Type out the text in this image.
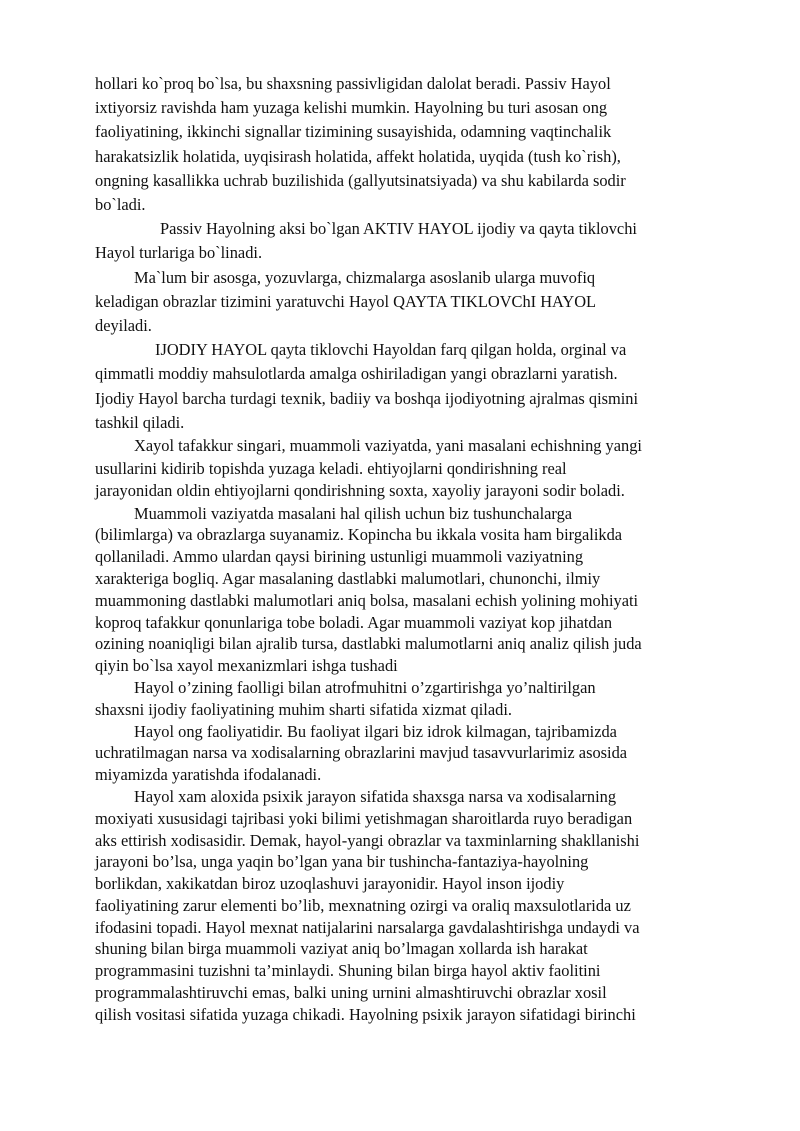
hollari ko`proq bo`lsa, bu shaxsning passivligidan dalolat beradi. Passiv Hayol
ixtiyorsiz ravishda ham yuzaga kelishi mumkin. Hayolning bu turi asosan ong
faoliyatining, ikkinchi signallar tizimining susayishida, odamning vaqtinchalik
harakatsizlik holatida, uyqisirash holatida, affekt holatida, uyqida (tush ko`rish),
ongning kasallikka uchrab buzilishida (gallyutsinatsiyada) va shu kabilarda sodir
bo`ladi.

Passiv Hayolning aksi bo`lgan AKTIV HAYOL ijodiy va qayta tiklovchi
Hayol turlariga bo`linadi.

Ma`lum bir asosga, yozuvlarga, chizmalarga asoslanib ularga muvofiq
keladigan obrazlar tizimini yaratuvchi Hayol QAYTA TIKLOVChI HAYOL
deyiladi.

IJODIY HAYOL qayta tiklovchi Hayoldan farq qilgan holda, orginal va
qimmatli moddiy mahsulotlarda amalga oshiriladigan yangi obrazlarni yaratish.
Ijodiy Hayol barcha turdagi texnik, badiiy va boshqa ijodiyotning ajralmas qismini
tashkil qiladi.

Xayol tafakkur singari, muammoli vaziyatda, yani masalani echishning yangi
usullarini kidirib topishda yuzaga keladi. ehtiyojlarni qondirishning real
jarayonidan oldin ehtiyojlarni qondirishning soxta, xayoliy jarayoni sodir boladi.

Muammoli vaziyatda masalani hal qilish uchun biz tushunchalarga
(bilimlarga) va obrazlarga suyanamiz. Kopincha bu ikkala vosita ham birgalikda
qollaniladi. Ammo ulardan qaysi birining ustunligi muammoli vaziyatning
xarakteriga bogliq. Agar masalaning dastlabki malumotlari, chunonchi, ilmiy
muammoning dastlabki malumotlari aniq bolsa, masalani echish yolining mohiyati
koproq tafakkur qonunlariga tobe boladi. Agar muammoli vaziyat kop jihatdan
ozining noaniqligi bilan ajralib tursa, dastlabki malumotlarni aniq analiz qilish juda
qiyin bo`lsa xayol mexanizmlari ishga tushadi

Hayol o’zining faolligi bilan atrofmuhitni o’zgartirishga yo’naltirilgan
shaxsni ijodiy faoliyatining muhim sharti sifatida xizmat qiladi.

Hayol ong faoliyatidir. Bu faoliyat ilgari biz idrok kilmagan, tajribamizda
uchratilmagan narsa va xodisalarning obrazlarini mavjud tasavvurlarimiz asosida
miyamizda yaratishda ifodalanadi.

Hayol xam aloxida psixik jarayon sifatida shaxsga narsa va xodisalarning
moxiyati xususidagi tajribasi yoki bilimi yetishmagan sharoitlarda ruyo beradigan
aks ettirish xodisasidir. Demak, hayol-yangi obrazlar va taxminlarning shakllanishi
jarayoni bo’lsa, unga yaqin bo’lgan yana bir tushincha-fantaziya-hayolning
borlikdan, xakikatdan biroz uzoqlashuvi jarayonidir. Hayol inson ijodiy
faoliyatining zarur elementi bo’lib, mexnatning ozirgi va oraliq maxsulotlarida uz
ifodasini topadi. Hayol mexnat natijalarini narsalarga gavdalashtirishga undaydi va
shuning bilan birga muammoli vaziyat aniq bo’lmagan xollarda ish harakat
programmasini tuzishni ta’minlaydi. Shuning bilan birga hayol aktiv faolitini
programmalashtiruvchi emas, balki uning urnini almashtiruvchi obrazlar xosil
qilish vositasi sifatida yuzaga chikadi. Hayolning psixik jarayon sifatidagi birinchi
